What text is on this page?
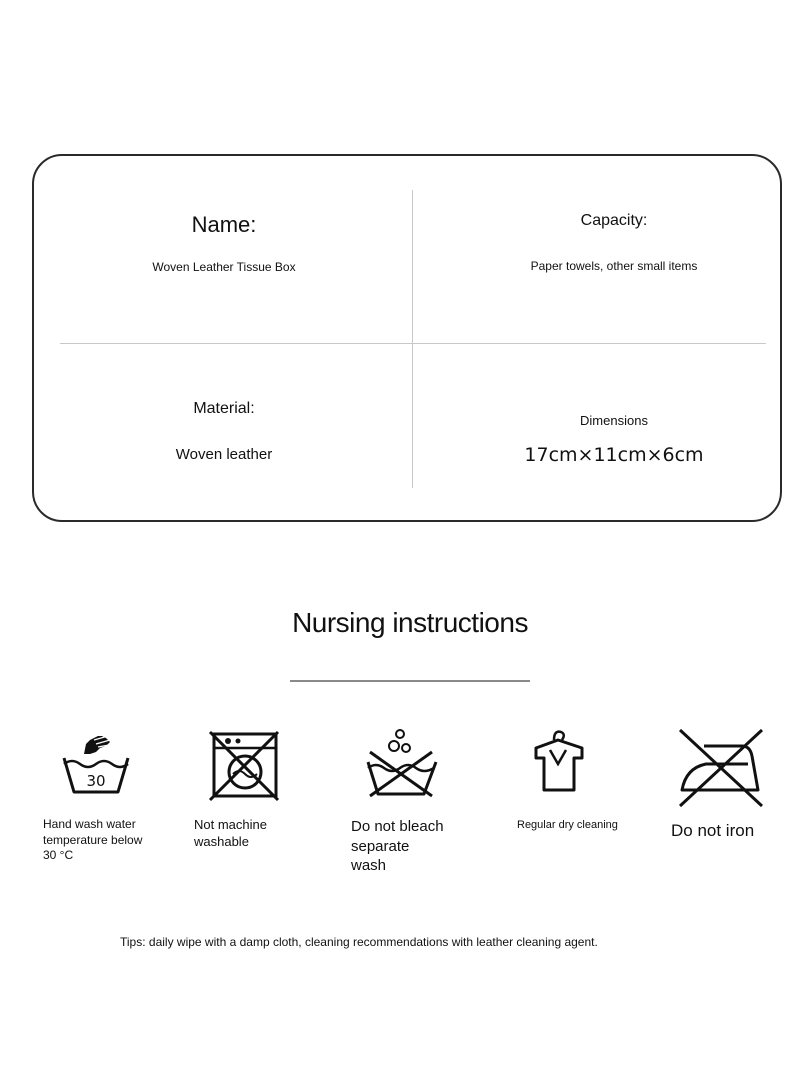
Name:
Woven Leather Tissue Box
Capacity:
Paper towels, other small items
Material:
Woven leather
Dimensions
17cm×11cm×6cm
Nursing instructions
30
Hand wash water
temperature below
30 °C
Not machine
washable
Do not bleach
separate
wash
Regular dry cleaning	Do not iron
Tips: daily wipe with a damp cloth, cleaning recommendations with leather cleaning agent.
